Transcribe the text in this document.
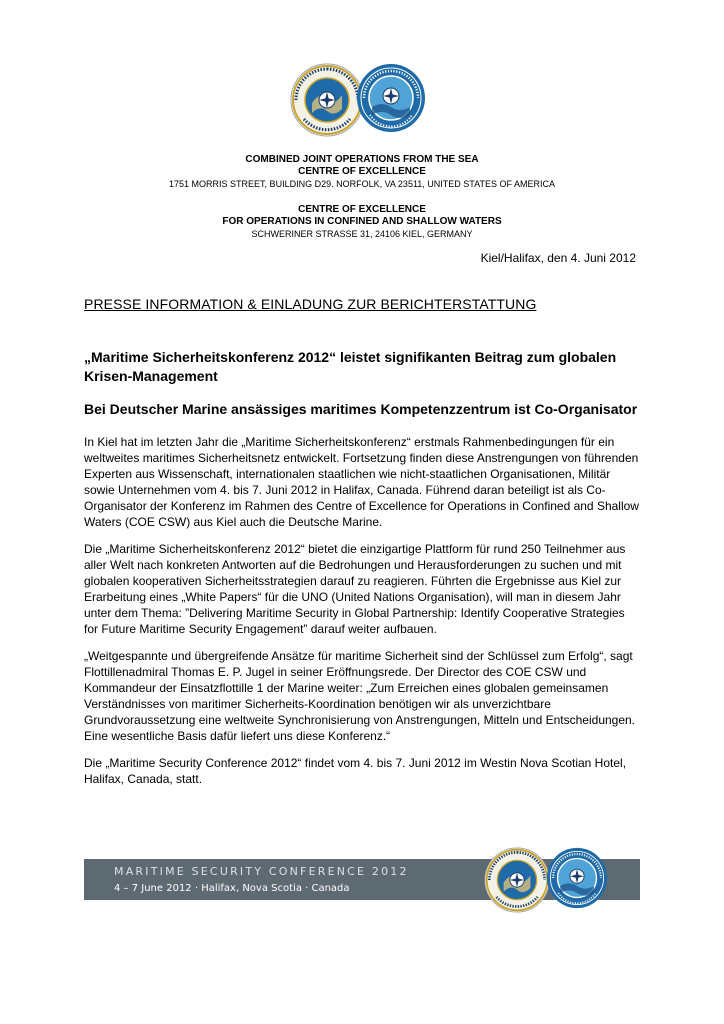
COMBINED JOINT OPERATIONS FROM THE SEA
CENTRE OF EXCELLENCE
1751 MORRIS STREET, BUILDING D29. NORFOLK, VA 23511, UNITED STATES OF AMERICA
CENTRE OF EXCELLENCE
FOR OPERATIONS IN CONFINED AND SHALLOW WATERS
SCHWERINER STRASSE 31, 24106 KIEL, GERMANY
Kiel/Halifax, den 4. Juni 2012
PRESSE INFORMATION & EINLADUNG ZUR BERICHTERSTATTUNG
„Maritime Sicherheitskonferenz 2012“ leistet signifikanten Beitrag zum globalen Krisen-Management
Bei Deutscher Marine ansässiges maritimes Kompetenzzentrum ist Co-Organisator

In Kiel hat im letzten Jahr die „Maritime Sicherheitskonferenz“ erstmals Rahmenbedingungen für ein weltweites maritimes Sicherheitsnetz entwickelt. Fortsetzung finden diese Anstrengungen von führenden Experten aus Wissenschaft, internationalen staatlichen wie nicht-staatlichen Organisationen, Militär sowie Unternehmen vom 4. bis 7. Juni 2012 in Halifax, Canada. Führend daran beteiligt ist als Co-Organisator der Konferenz im Rahmen des Centre of Excellence for Operations in Confined and Shallow Waters (COE CSW) aus Kiel auch die Deutsche Marine.

Die „Maritime Sicherheitskonferenz 2012“ bietet die einzigartige Plattform für rund 250 Teilnehmer aus aller Welt nach konkreten Antworten auf die Bedrohungen und Herausforderungen zu suchen und mit globalen kooperativen Sicherheitsstrategien darauf zu reagieren. Führten die Ergebnisse aus Kiel zur Erarbeitung eines „White Papers“ für die UNO (United Nations Organisation), will man in diesem Jahr unter dem Thema: ”Delivering Maritime Security in Global Partnership: Identify Cooperative Strategies for Future Maritime Security Engagement” darauf weiter aufbauen.

„Weitgespannte und übergreifende Ansätze für maritime Sicherheit sind der Schlüssel zum Erfolg“, sagt Flottillenadmiral Thomas E. P. Jugel in seiner Eröffnungsrede. Der Director des COE CSW und Kommandeur der Einsatzflottille 1 der Marine weiter: „Zum Erreichen eines globalen gemeinsamen Verständnisses von maritimer Sicherheits-Koordination benötigen wir als unverzichtbare Grundvoraussetzung eine weltweite Synchronisierung von Anstrengungen, Mitteln und Entscheidungen. Eine wesentliche Basis dafür liefert uns diese Konferenz.“

Die „Maritime Security Conference 2012“ findet vom 4. bis 7. Juni 2012 im Westin Nova Scotian Hotel, Halifax, Canada, statt.

MARITIME SECURITY CONFERENCE 2012
4 – 7 June 2012 · Halifax, Nova Scotia · Canada
